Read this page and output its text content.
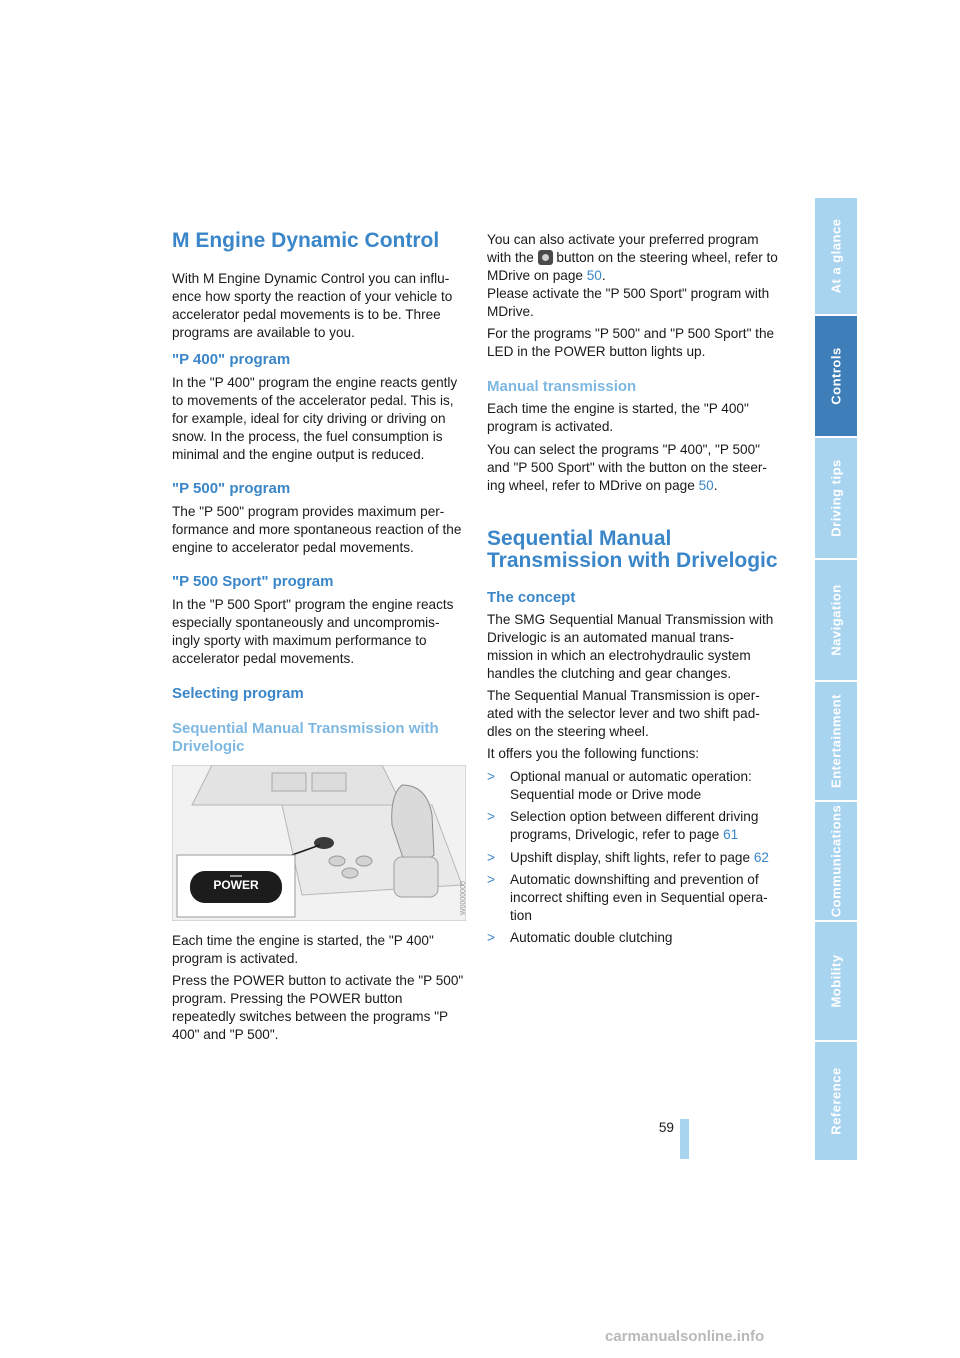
At a glance
Controls
Driving tips
Navigation
Entertainment
Communications
Mobility
Reference
M Engine Dynamic Control

With M Engine Dynamic Control you can influ-ence how sporty the reaction of your vehicle to accelerator pedal movements is to be. Three programs are available to you.

"P 400" program

In the "P 400" program the engine reacts gently to movements of the accelerator pedal. This is, for example, ideal for city driving or driving on snow. In the process, the fuel consumption is minimal and the engine output is reduced.

"P 500" program

The "P 500" program provides maximum per-formance and more spontaneous reaction of the engine to accelerator pedal movements.

"P 500 Sport" program

In the "P 500 Sport" program the engine reacts especially spontaneously and uncompromis-ingly sporty with maximum performance to accelerator pedal movements.

Selecting program
Sequential Manual Transmission with Drivelogic
POWER	W0000000

Each time the engine is started, the "P 400" program is activated.

Press the POWER button to activate the "P 500" program. Pressing the POWER button repeatedly switches between the programs "P 400" and "P 500".

You can also activate your preferred program with the button on the steering wheel, refer to MDrive on page 50.

Please activate the "P 500 Sport" program with MDrive.

For the programs "P 500" and "P 500 Sport" the LED in the POWER button lights up.

Manual transmission

Each time the engine is started, the "P 400" program is activated.

You can select the programs "P 400", "P 500" and "P 500 Sport" with the button on the steer-ing wheel, refer to MDrive on page 50.

Sequential Manual Transmission with Drivelogic
The concept

The SMG Sequential Manual Transmission with Drivelogic is an automated manual trans-mission in which an electrohydraulic system handles the clutching and gear changes.

The Sequential Manual Transmission is oper-ated with the selector lever and two shift pad-dles on the steering wheel.

It offers you the following functions:

> Optional manual or automatic operation: Sequential mode or Drive mode
> Selection option between different driving programs, Drivelogic, refer to page 61
> Upshift display, shift lights, refer to page 62
> Automatic downshifting and prevention of incorrect shifting even in Sequential opera-tion
> Automatic double clutching
59
carmanualsonline.info
